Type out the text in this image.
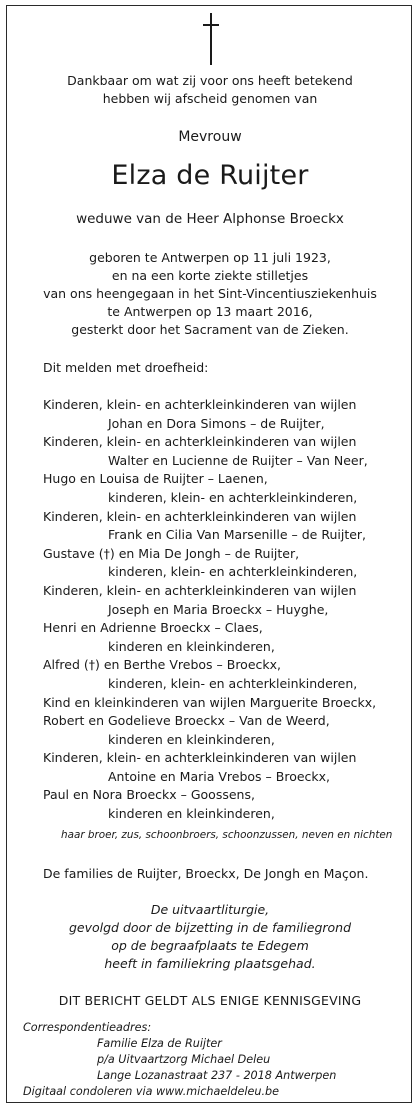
Dankbaar om wat zij voor ons heeft betekend
hebben wij afscheid genomen van
Mevrouw
Elza de Ruijter
weduwe van de Heer Alphonse Broeckx
geboren te Antwerpen op 11 juli 1923,
en na een korte ziekte stilletjes
van ons heengegaan in het Sint-Vincentiusziekenhuis
te Antwerpen op 13 maart 2016,
gesterkt door het Sacrament van de Zieken.
Dit melden met droefheid:
Kinderen, klein- en achterkleinkinderen van wijlen
Johan en Dora Simons – de Ruijter,
Kinderen, klein- en achterkleinkinderen van wijlen
Walter en Lucienne de Ruijter – Van Neer,
Hugo en Louisa de Ruijter – Laenen,
kinderen, klein- en achterkleinkinderen,
Kinderen, klein- en achterkleinkinderen van wijlen
Frank en Cilia Van Marsenille – de Ruijter,
Gustave (†) en Mia De Jongh – de Ruijter,
kinderen, klein- en achterkleinkinderen,
Kinderen, klein- en achterkleinkinderen van wijlen
Joseph en Maria Broeckx – Huyghe,
Henri en Adrienne Broeckx – Claes,
kinderen en kleinkinderen,
Alfred (†) en Berthe Vrebos – Broeckx,
kinderen, klein- en achterkleinkinderen,
Kind en kleinkinderen van wijlen Marguerite Broeckx,
Robert en Godelieve Broeckx – Van de Weerd,
kinderen en kleinkinderen,
Kinderen, klein- en achterkleinkinderen van wijlen
Antoine en Maria Vrebos – Broeckx,
Paul en Nora Broeckx – Goossens,
kinderen en kleinkinderen,
haar broer, zus, schoonbroers, schoonzussen, neven en nichten
De families de Ruijter, Broeckx, De Jongh en Maçon.
De uitvaartliturgie,
gevolgd door de bijzetting in de familiegrond
op de begraafplaats te Edegem
heeft in familiekring plaatsgehad.
DIT BERICHT GELDT ALS ENIGE KENNISGEVING
Correspondentieadres:
Familie Elza de Ruijter
p/a Uitvaartzorg Michael Deleu
Lange Lozanastraat 237 - 2018 Antwerpen
Digitaal condoleren via www.michaeldeleu.be
